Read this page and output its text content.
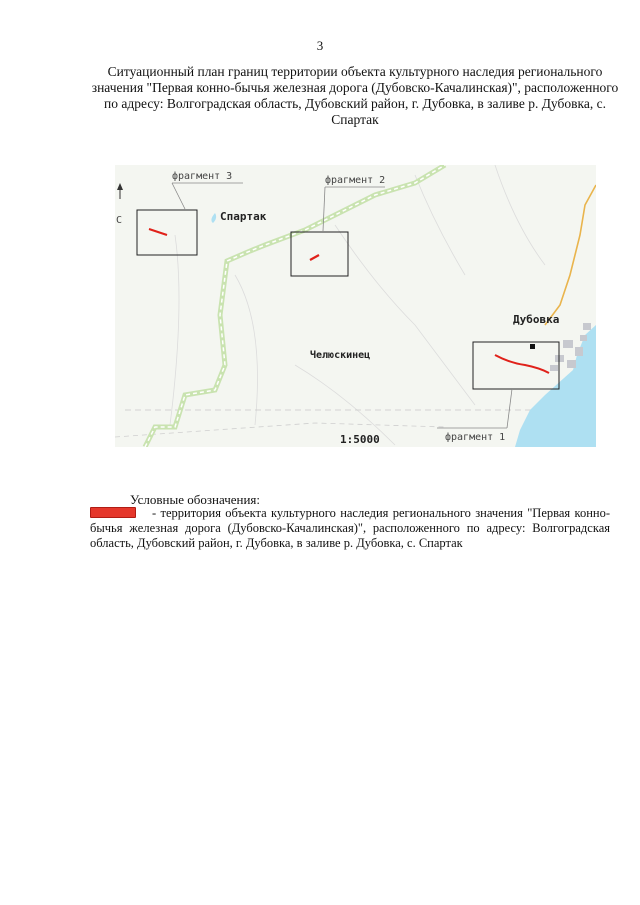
3
Ситуационный план границ территории объекта культурного наследия регионального значения "Первая конно-бычья железная дорога (Дубовско-Качалинская)", расположенного по адресу: Волгоградская область, Дубовский район, г. Дубовка, в заливе р. Дубовка, с. Спартак
С
фрагмент 3	фрагмент 2
фрагмент 1
Спартак
Челюскинец
Дубовка
1:5000
Условные обозначения:
- территория объекта культурного наследия регионального значения "Первая конно-бычья железная дорога (Дубовско-Качалинская)", расположенного по адресу: Волгоградская область, Дубовский район, г. Дубовка, в заливе р. Дубовка, с. Спартак
